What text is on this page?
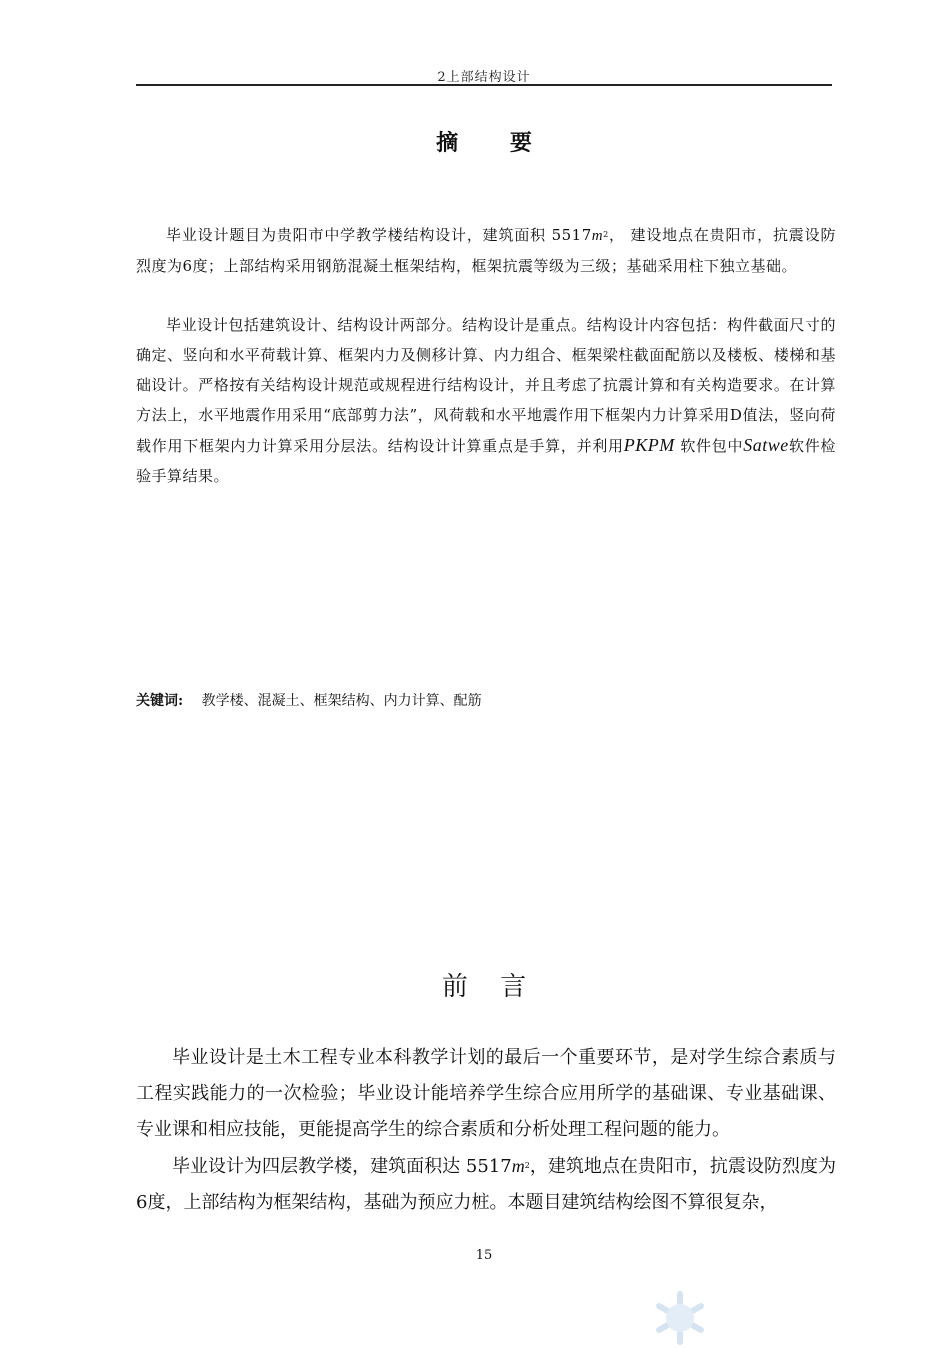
2上部结构设计
摘 要
毕业设计题目为贵阳市中学教学楼结构设计，建筑面积 $5517m^2$， 建设地点在贵阳市，抗震设防烈度为6度；上部结构采用钢筋混凝土框架结构，框架抗震等级为三级；基础采用柱下独立基础。
毕业设计包括建筑设计、结构设计两部分。结构设计是重点。结构设计内容包括：构件截面尺寸的确定、竖向和水平荷载计算、框架内力及侧移计算、内力组合、框架梁柱截面配筋以及楼板、楼梯和基础设计。严格按有关结构设计规范或规程进行结构设计，并且考虑了抗震计算和有关构造要求。在计算方法上，水平地震作用采用“底部剪力法”，风荷载和水平地震作用下框架内力计算采用D值法，竖向荷载作用下框架内力计算采用分层法。结构设计计算重点是手算，并利用PKPM 软件包中Satwe软件检验手算结果。
关键词: 教学楼、混凝土、框架结构、内力计算、配筋
前 言
毕业设计是土木工程专业本科教学计划的最后一个重要环节，是对学生综合素质与工程实践能力的一次检验；毕业设计能培养学生综合应用所学的基础课、专业基础课、专业课和相应技能，更能提高学生的综合素质和分析处理工程问题的能力。
毕业设计为四层教学楼，建筑面积达 $5517m^2$，建筑地点在贵阳市，抗震设防烈度为6度，上部结构为框架结构，基础为预应力桩。本题目建筑结构绘图不算很复杂，
15
